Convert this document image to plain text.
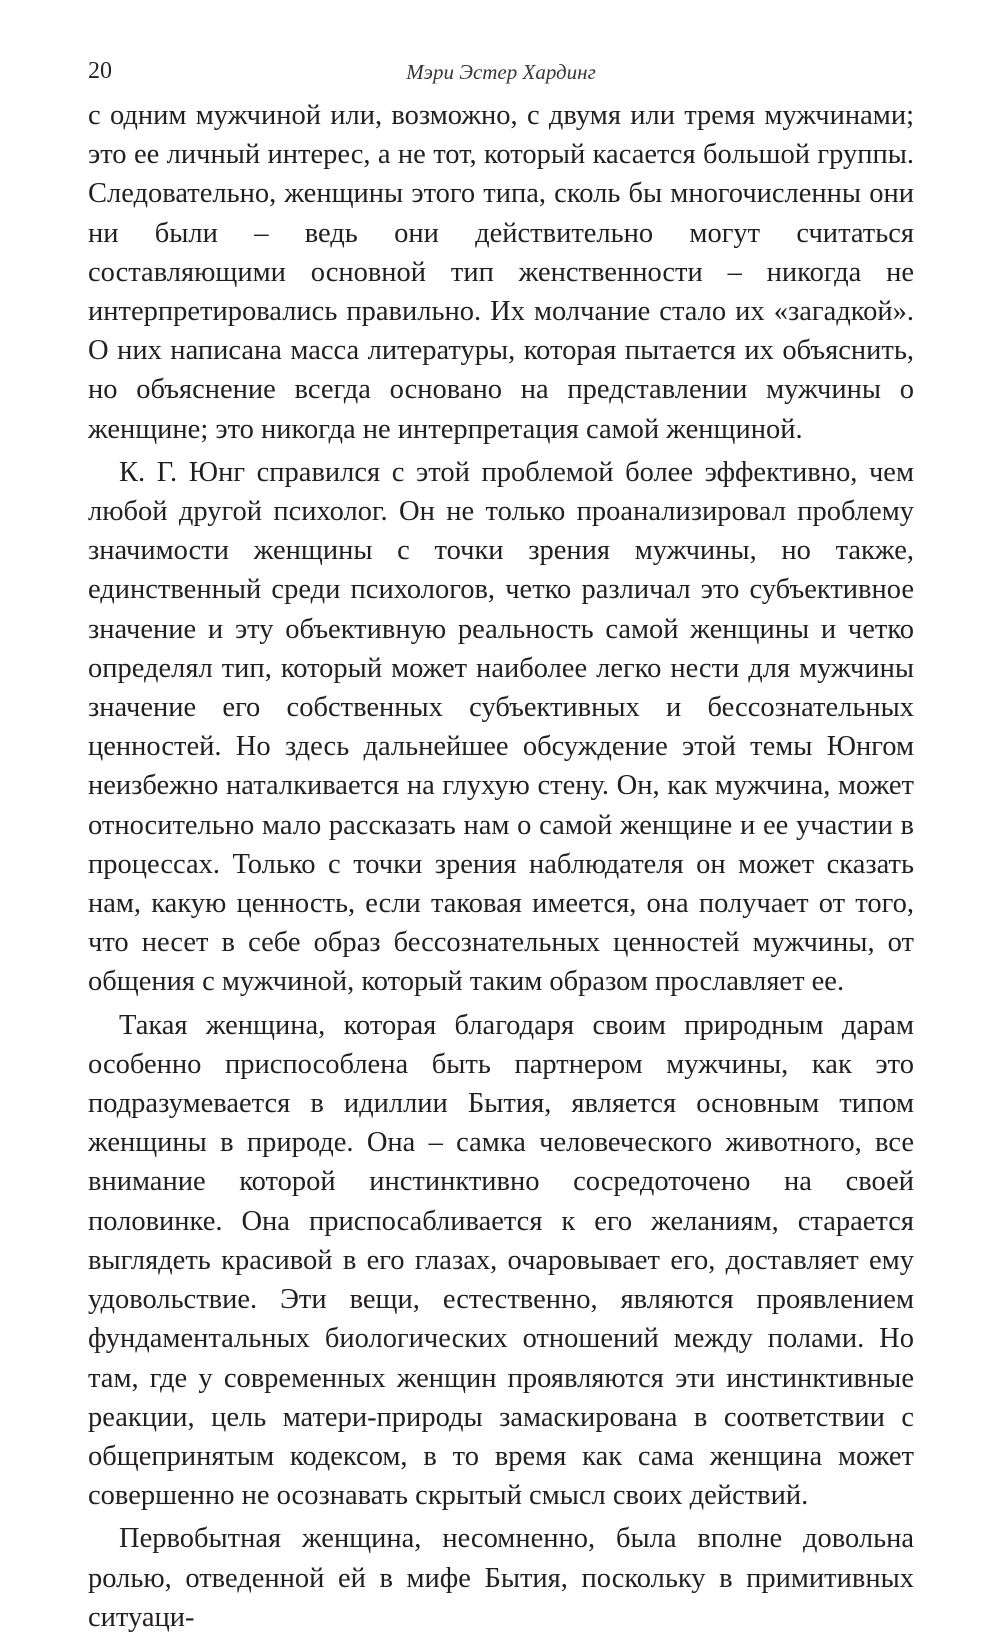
20	Мэри Эстер Хардинг

с одним мужчиной или, возможно, с двумя или тремя мужчинами; это ее личный интерес, а не тот, который касается большой группы. Следовательно, женщины этого типа, сколь бы многочисленны они ни были – ведь они действительно могут считаться составляющими основной тип женственности – никогда не интерпретировались правильно. Их молчание стало их «загадкой». О них написана масса литературы, которая пытается их объяснить, но объяснение всегда основано на представлении мужчины о женщине; это никогда не интерпретация самой женщиной.

К. Г. Юнг справился с этой проблемой более эффективно, чем любой другой психолог. Он не только проанализировал проблему значимости женщины с точки зрения мужчины, но также, единственный среди психологов, четко различал это субъективное значение и эту объективную реальность самой женщины и четко определял тип, который может наиболее легко нести для мужчины значение его собственных субъективных и бессознательных ценностей. Но здесь дальнейшее обсуждение этой темы Юнгом неизбежно наталкивается на глухую стену. Он, как мужчина, может относительно мало рассказать нам о самой женщине и ее участии в процессах. Только с точки зрения наблюдателя он может сказать нам, какую ценность, если таковая имеется, она получает от того, что несет в себе образ бессознательных ценностей мужчины, от общения с мужчиной, который таким образом прославляет ее.

Такая женщина, которая благодаря своим природным дарам особенно приспособлена быть партнером мужчины, как это подразумевается в идиллии Бытия, является основным типом женщины в природе. Она – самка человеческого животного, все внимание которой инстинктивно сосредоточено на своей половинке. Она приспосабливается к его желаниям, старается выглядеть красивой в его глазах, очаровывает его, доставляет ему удовольствие. Эти вещи, естественно, являются проявлением фундаментальных биологических отношений между полами. Но там, где у современных женщин проявляются эти инстинктивные реакции, цель матери-природы замаскирована в соответствии с общепринятым кодексом, в то время как сама женщина может совершенно не осознавать скрытый смысл своих действий.

Первобытная женщина, несомненно, была вполне довольна ролью, отведенной ей в мифе Бытия, поскольку в примитивных ситуаци-
